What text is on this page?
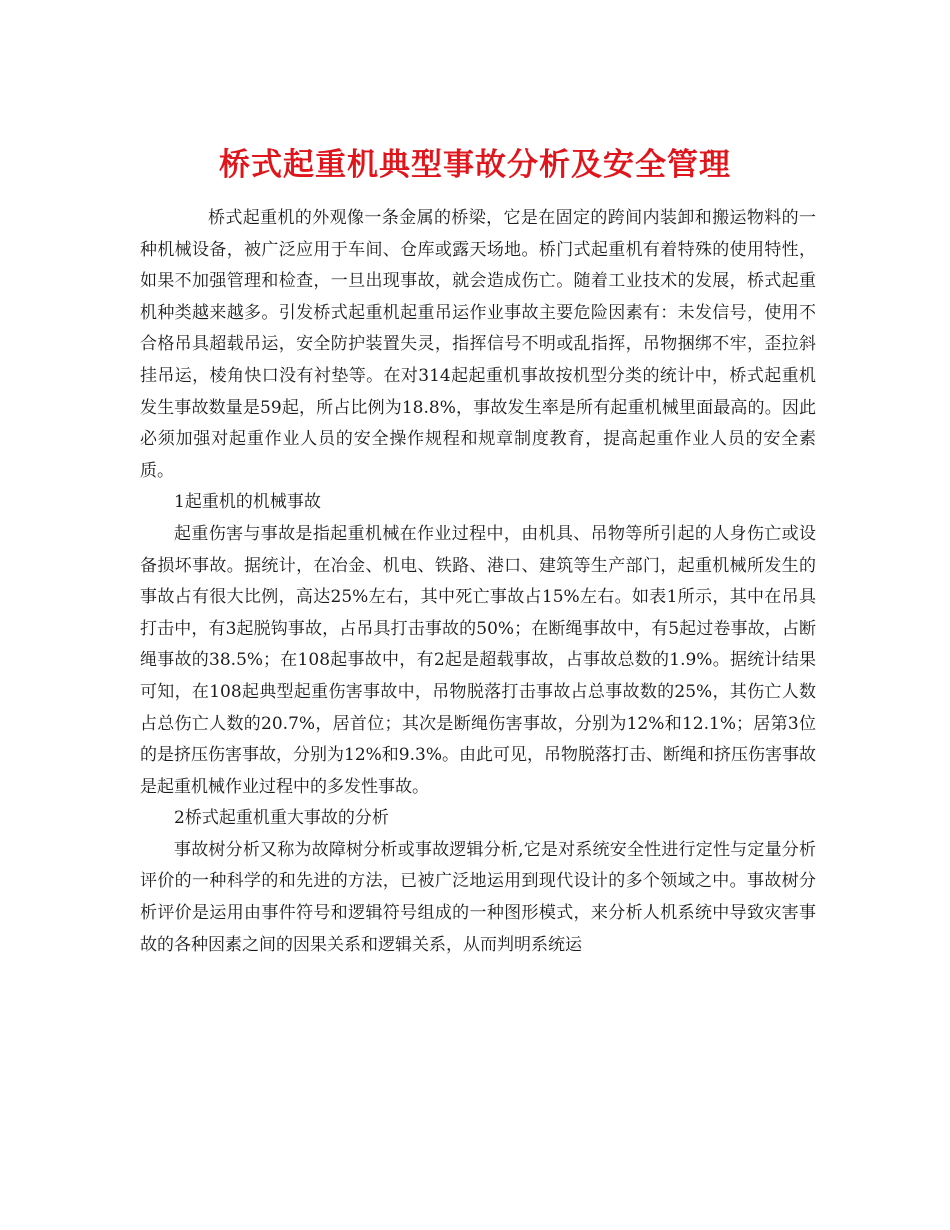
桥式起重机典型事故分析及安全管理

桥式起重机的外观像一条金属的桥梁，它是在固定的跨间内装卸和搬运物料的一种机械设备，被广泛应用于车间、仓库或露天场地。桥门式起重机有着特殊的使用特性，如果不加强管理和检查，一旦出现事故，就会造成伤亡。随着工业技术的发展，桥式起重机种类越来越多。引发桥式起重机起重吊运作业事故主要危险因素有：未发信号，使用不合格吊具超载吊运，安全防护装置失灵，指挥信号不明或乱指挥，吊物捆绑不牢，歪拉斜挂吊运，棱角快口没有衬垫等。在对314起起重机事故按机型分类的统计中，桥式起重机发生事故数量是59起，所占比例为18.8%，事故发生率是所有起重机械里面最高的。因此必须加强对起重作业人员的安全操作规程和规章制度教育，提高起重作业人员的安全素质。

1起重机的机械事故

起重伤害与事故是指起重机械在作业过程中，由机具、吊物等所引起的人身伤亡或设备损坏事故。据统计，在冶金、机电、铁路、港口、建筑等生产部门，起重机械所发生的事故占有很大比例，高达25%左右，其中死亡事故占15%左右。如表1所示，其中在吊具打击中，有3起脱钩事故，占吊具打击事故的50%；在断绳事故中，有5起过卷事故，占断绳事故的38.5%；在108起事故中，有2起是超载事故，占事故总数的1.9%。据统计结果可知，在108起典型起重伤害事故中，吊物脱落打击事故占总事故数的25%，其伤亡人数占总伤亡人数的20.7%，居首位；其次是断绳伤害事故，分别为12%和12.1%；居第3位的是挤压伤害事故，分别为12%和9.3%。由此可见，吊物脱落打击、断绳和挤压伤害事故是起重机械作业过程中的多发性事故。

2桥式起重机重大事故的分析

事故树分析又称为故障树分析或事故逻辑分析,它是对系统安全性进行定性与定量分析评价的一种科学的和先进的方法，已被广泛地运用到现代设计的多个领域之中。事故树分析评价是运用由事件符号和逻辑符号组成的一种图形模式，来分析人机系统中导致灾害事故的各种因素之间的因果关系和逻辑关系，从而判明系统运
